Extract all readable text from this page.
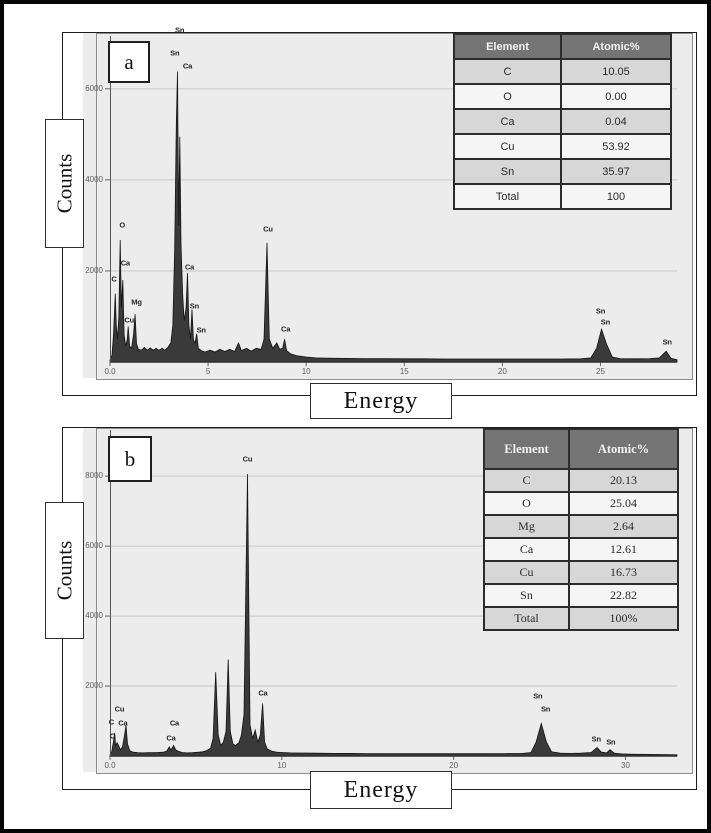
2000
4000
6000
0.0	5	10	15	20	25
C
O
Ca
Mg
Cu
Sn
Sn
Ca
Ca
Sn
Sn
Cu
Ca
Sn
Sn
Sn
a
Counts
Energy
Element	Atomic%
C	10.05
O	0.00
Ca	0.04
Cu	53.92
Sn	35.97
Total	100
2000
4000
6000
8000
0.0	10	20	30
Cu
C Ca
O
Ca
Ca
Cu
Ca	Sn
Sn
Sn Sn
b
Counts
Energy
Element	Atomic%
C	20.13
O	25.04
Mg	2.64
Ca	12.61
Cu	16.73
Sn	22.82
Total	100%
